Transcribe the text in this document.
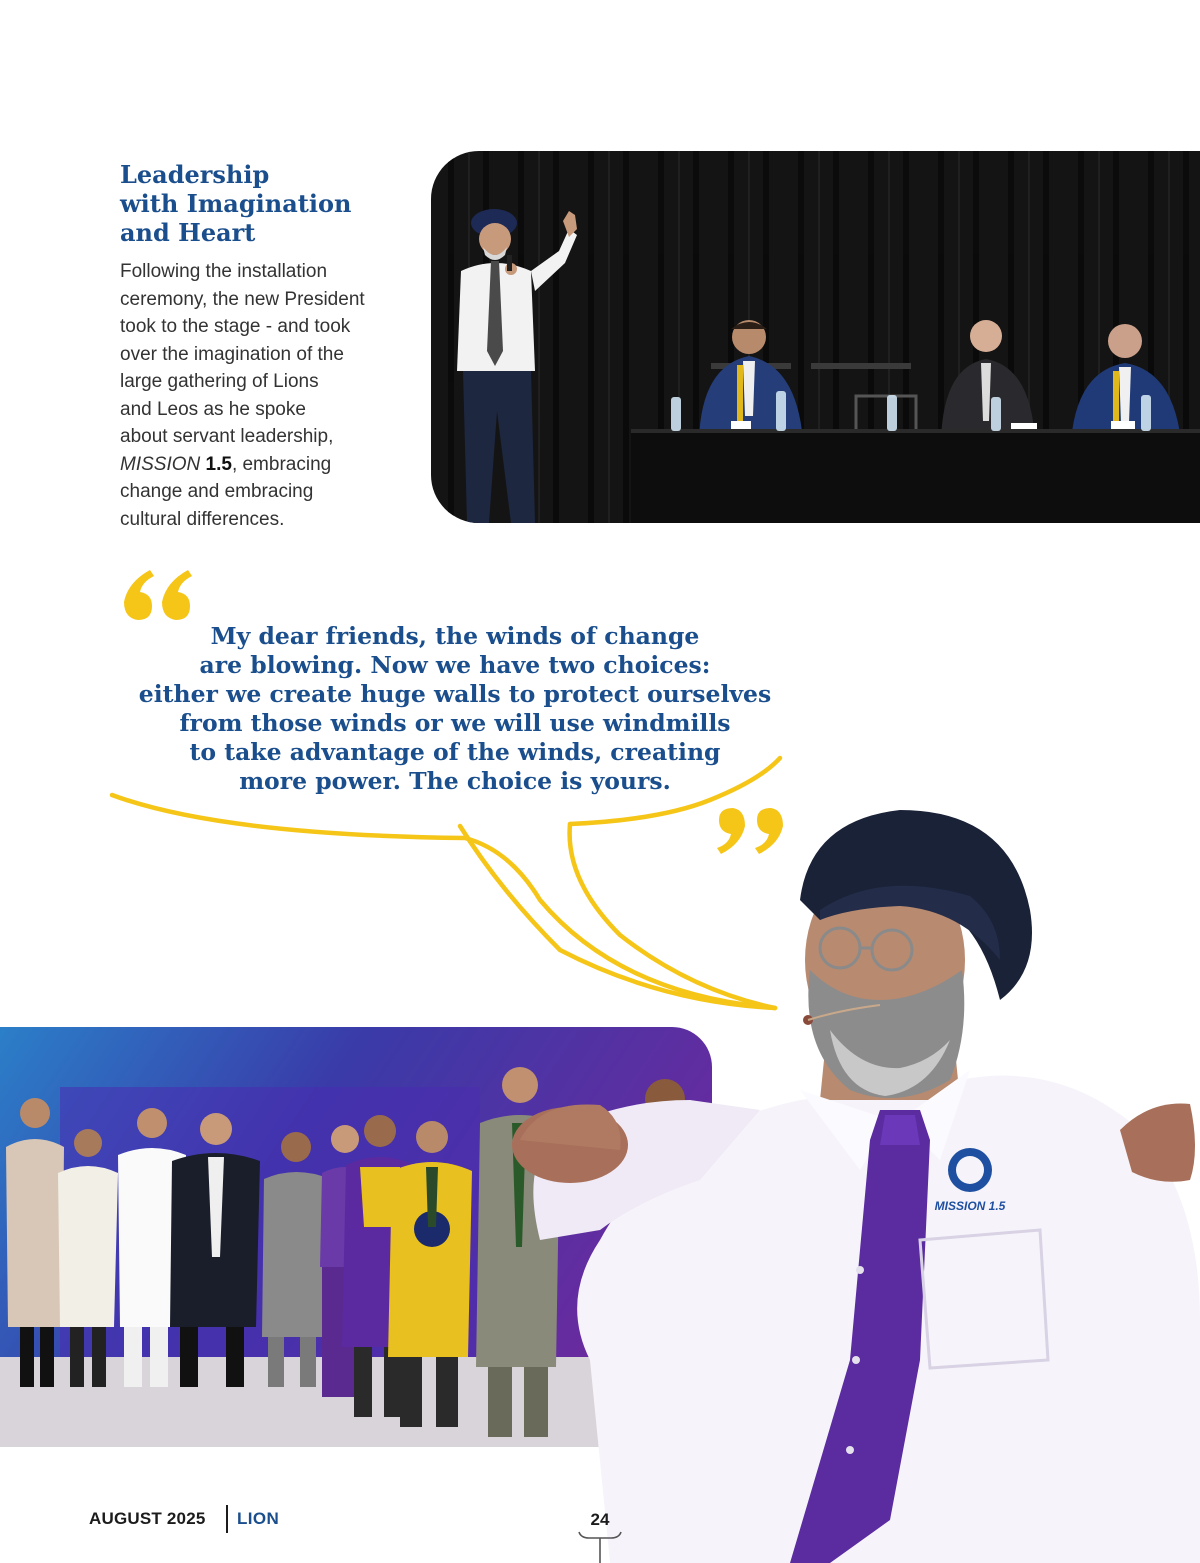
Leadership
with Imagination
and Heart

Following the installation
ceremony, the new President
took to the stage - and took
over the imagination of the
large gathering of Lions
and Leos as he spoke
about servant leadership,
MISSION 1.5, embracing
change and embracing
cultural differences.

MISSION 1.5

My dear friends, the winds of change
are blowing. Now we have two choices:
either we create huge walls to protect ourselves
from those winds or we will use windmills
to take advantage of the winds, creating
more power. The choice is yours.

AUGUST 2025 LION	24
